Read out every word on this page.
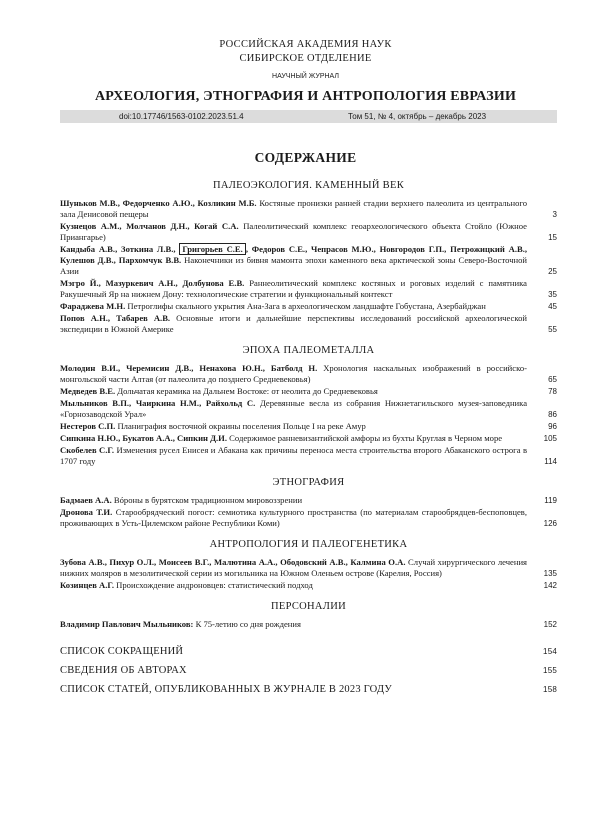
РОССИЙСКАЯ АКАДЕМИЯ НАУК
СИБИРСКОЕ ОТДЕЛЕНИЕ
НАУЧНЫЙ ЖУРНАЛ
АРХЕОЛОГИЯ, ЭТНОГРАФИЯ И АНТРОПОЛОГИЯ ЕВРАЗИИ
doi:10.17746/1563-0102.2023.51.4	Том 51, № 4, октябрь – декабрь 2023
СОДЕРЖАНИЕ
ПАЛЕОЭКОЛОГИЯ. КАМЕННЫЙ ВЕК
Шуньков М.В., Федорченко А.Ю., Козликин М.Б. Костяные пронизки ранней стадии верхнего палеолита из центрального зала Денисовой пещеры	3
Кузнецов А.М., Молчанов Д.Н., Когай С.А. Палеолитический комплекс геоархеологического объекта Стойло (Южное Приангарье)	15
Кандыба А.В., Зоткина Л.В., Григорьев С.Е. , Федоров С.Е., Чепрасов М.Ю., Новгородов Г.П., Петрожицкий А.В., Кулешов Д.В., Пархомчук В.В. Наконечники из бивня мамонта эпохи каменного века арктической зоны Северо-Восточной Азии	25
Мэгро Й., Мазуркевич А.Н., Долбунова Е.В. Раннеолитический комплекс костяных и роговых изделий с памятника Ракушечный Яр на нижнем Дону: технологические стратегии и функциональный контекст	35
Фараджева М.Н. Петроглифы скального укрытия Ана-Зага в археологическом ландшафте Гобустана, Азербайджан	45
Попов А.Н., Табарев А.В. Основные итоги и дальнейшие перспективы исследований российской археологической экспедиции в Южной Америке	55
ЭПОХА ПАЛЕОМЕТАЛЛА
Молодин В.И., Черемисин Д.В., Ненахова Ю.Н., Батболд Н. Хронология наскальных изображений в российско-монгольской части Алтая (от палеолита до позднего Средневековья)	65
Медведев В.Е. Дольчатая керамика на Дальнем Востоке: от неолита до Средневековья	78
Мыльников В.П., Чаиркина Н.М., Райхольд С. Деревянные весла из собрания Нижнетагильского музея-заповедника «Горнозаводской Урал»	86
Нестеров С.П. Планиграфия восточной окраины поселения Польце I на реке Амур	96
Сипкина Н.Ю., Букатов А.А., Сипкин Д.И. Содержимое ранневизантийской амфоры из бухты Круглая в Черном море	105
Скобелев С.Г. Изменения русел Енисея и Абакана как причины переноса места строительства второго Абаканского острога в 1707 году	114
ЭТНОГРАФИЯ
Бадмаев А.А. Вóроны в бурятском традиционном мировоззрении	119
Дронова Т.И. Старообрядческий погост: семиотика культурного пространства (по материалам старообрядцев-беспоповцев, проживающих в Усть-Цилемском районе Республики Коми)	126
АНТРОПОЛОГИЯ И ПАЛЕОГЕНЕТИКА
Зубова А.В., Пихур О.Л., Моисеев В.Г., Малютина А.А., Ободовский А.В., Калмина О.А. Случай хирургического лечения нижних моляров в мезолитической серии из могильника на Южном Оленьем острове (Карелия, Россия)	135
Козинцев А.Г. Происхождение андроновцев: статистический подход	142
ПЕРСОНАЛИИ
Владимир Павлович Мыльников: К 75-летию со дня рождения	152
СПИСОК СОКРАЩЕНИЙ	154
СВЕДЕНИЯ ОБ АВТОРАХ	155
СПИСОК СТАТЕЙ, ОПУБЛИКОВАННЫХ В ЖУРНАЛЕ В 2023 ГОДУ	158
